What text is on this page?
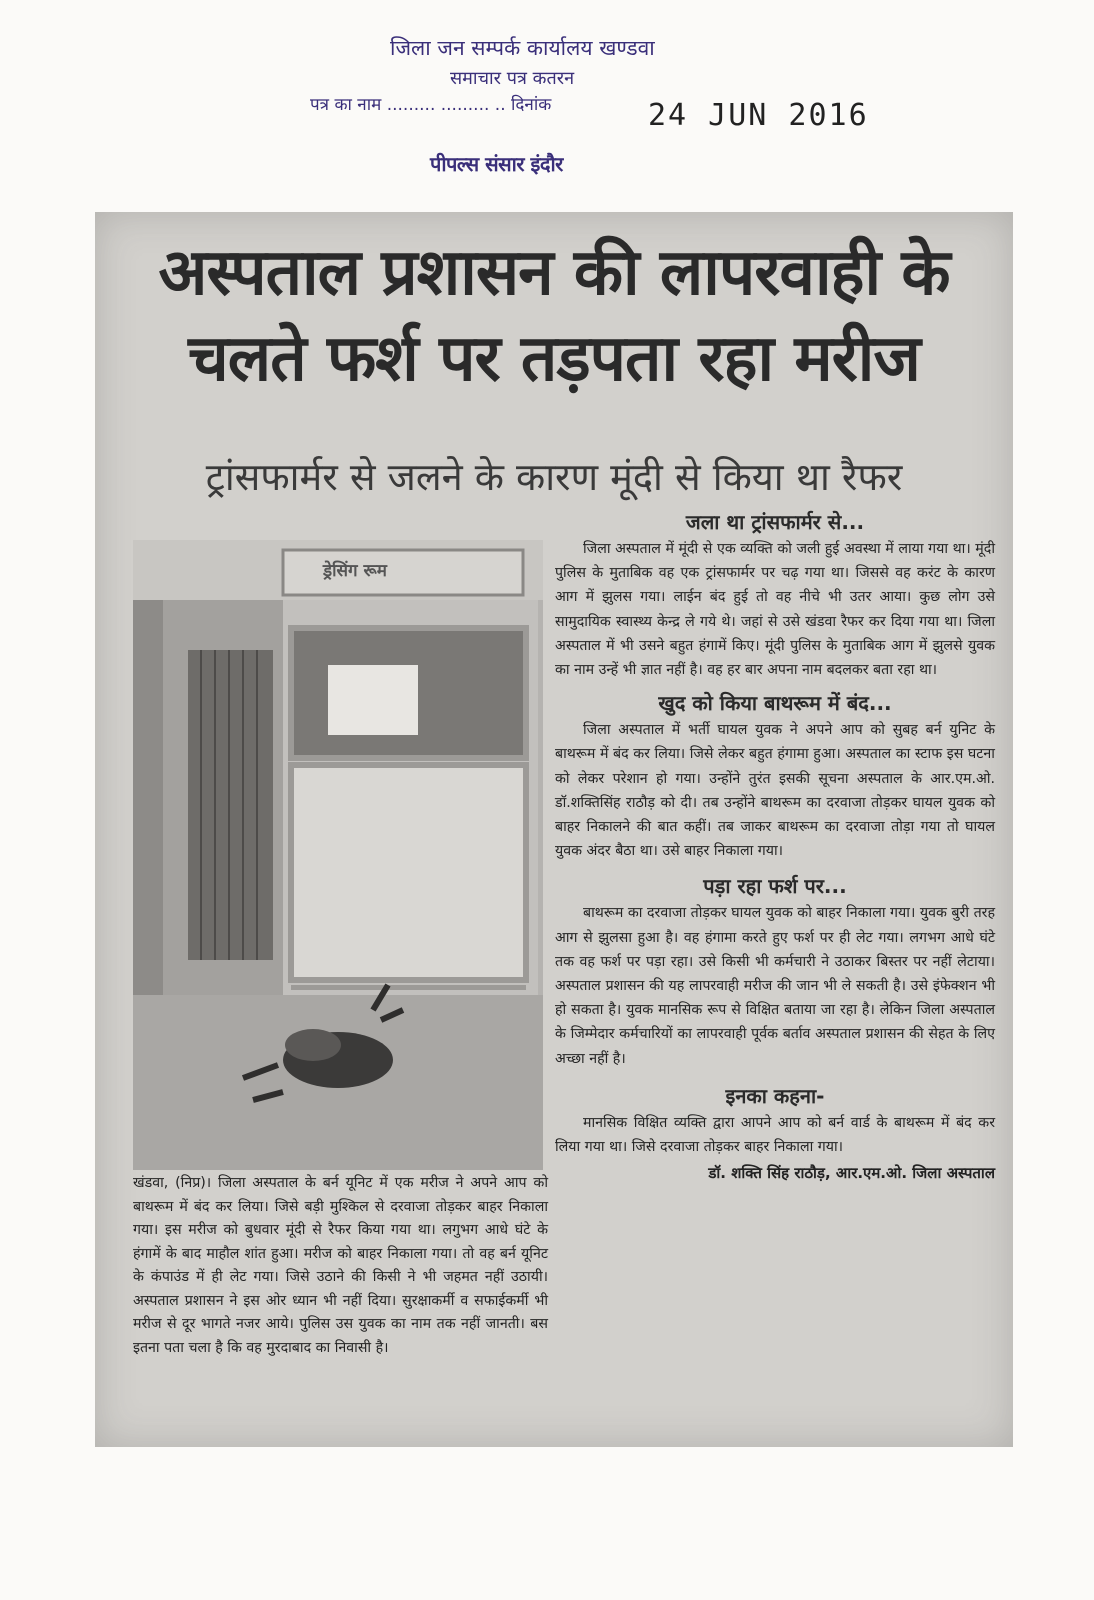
जिला जन सम्पर्क कार्यालय खण्डवा
समाचार पत्र कतरन
पत्र का नाम ......... ......... .. दिनांक	24 JUN 2016
पीपल्स संसार इंदौर
अस्पताल प्रशासन की लापरवाही के
चलते फर्श पर तड़पता रहा मरीज
ट्रांसफार्मर से जलने के कारण मूंदी से किया था रैफर
ड्रेसिंग रूम
खंडवा, (निप्र)। जिला अस्पताल के बर्न यूनिट में एक मरीज ने अपने आप को बाथरूम में बंद कर लिया। जिसे बड़ी मुश्किल से दरवाजा तोड़कर बाहर निकाला गया। इस मरीज को बुधवार मूंदी से रैफर किया गया था। लगुभग आधे घंटे के हंगामें के बाद माहौल शांत हुआ। मरीज को बाहर निकाला गया। तो वह बर्न यूनिट के कंपाउंड में ही लेट गया। जिसे उठाने की किसी ने भी जहमत नहीं उठायी। अस्पताल प्रशासन ने इस ओर ध्यान भी नहीं दिया। सुरक्षाकर्मी व सफाईकर्मी भी मरीज से दूर भागते नजर आये। पुलिस उस युवक का नाम तक नहीं जानती। बस इतना पता चला है कि वह मुरदाबाद का निवासी है।
जला था ट्रांसफार्मर से...

जिला अस्पताल में मूंदी से एक व्यक्ति को जली हुई अवस्था में लाया गया था। मूंदी पुलिस के मुताबिक वह एक ट्रांसफार्मर पर चढ़ गया था। जिससे वह करंट के कारण आग में झुलस गया। लाईन बंद हुई तो वह नीचे भी उतर आया। कुछ लोग उसे सामुदायिक स्वास्थ्य केन्द्र ले गये थे। जहां से उसे खंडवा रैफर कर दिया गया था। जिला अस्पताल में भी उसने बहुत हंगामें किए। मूंदी पुलिस के मुताबिक आग में झुलसे युवक का नाम उन्हें भी ज्ञात नहीं है। वह हर बार अपना नाम बदलकर बता रहा था।

खुद को किया बाथरूम में बंद...

जिला अस्पताल में भर्ती घायल युवक ने अपने आप को सुबह बर्न युनिट के बाथरूम में बंद कर लिया। जिसे लेकर बहुत हंगामा हुआ। अस्पताल का स्टाफ इस घटना को लेकर परेशान हो गया। उन्होंने तुरंत इसकी सूचना अस्पताल के आर.एम.ओ. डॉ.शक्तिसिंह राठौड़ को दी। तब उन्होंने बाथरूम का दरवाजा तोड़कर घायल युवक को बाहर निकालने की बात कहीं। तब जाकर बाथरूम का दरवाजा तोड़ा गया तो घायल युवक अंदर बैठा था। उसे बाहर निकाला गया।

पड़ा रहा फर्श पर...

बाथरूम का दरवाजा तोड़कर घायल युवक को बाहर निकाला गया। युवक बुरी तरह आग से झुलसा हुआ है। वह हंगामा करते हुए फर्श पर ही लेट गया। लगभग आधे घंटे तक वह फर्श पर पड़ा रहा। उसे किसी भी कर्मचारी ने उठाकर बिस्तर पर नहीं लेटाया। अस्पताल प्रशासन की यह लापरवाही मरीज की जान भी ले सकती है। उसे इंफेक्शन भी हो सकता है। युवक मानसिक रूप से विक्षित बताया जा रहा है। लेकिन जिला अस्पताल के जिम्मेदार कर्मचारियों का लापरवाही पूर्वक बर्ताव अस्पताल प्रशासन की सेहत के लिए अच्छा नहीं है।

इनका कहना-

मानसिक विक्षित व्यक्ति द्वारा आपने आप को बर्न वार्ड के बाथरूम में बंद कर लिया गया था। जिसे दरवाजा तोड़कर बाहर निकाला गया।

डॉ. शक्ति सिंह राठौड़, आर.एम.ओ. जिला अस्पताल
